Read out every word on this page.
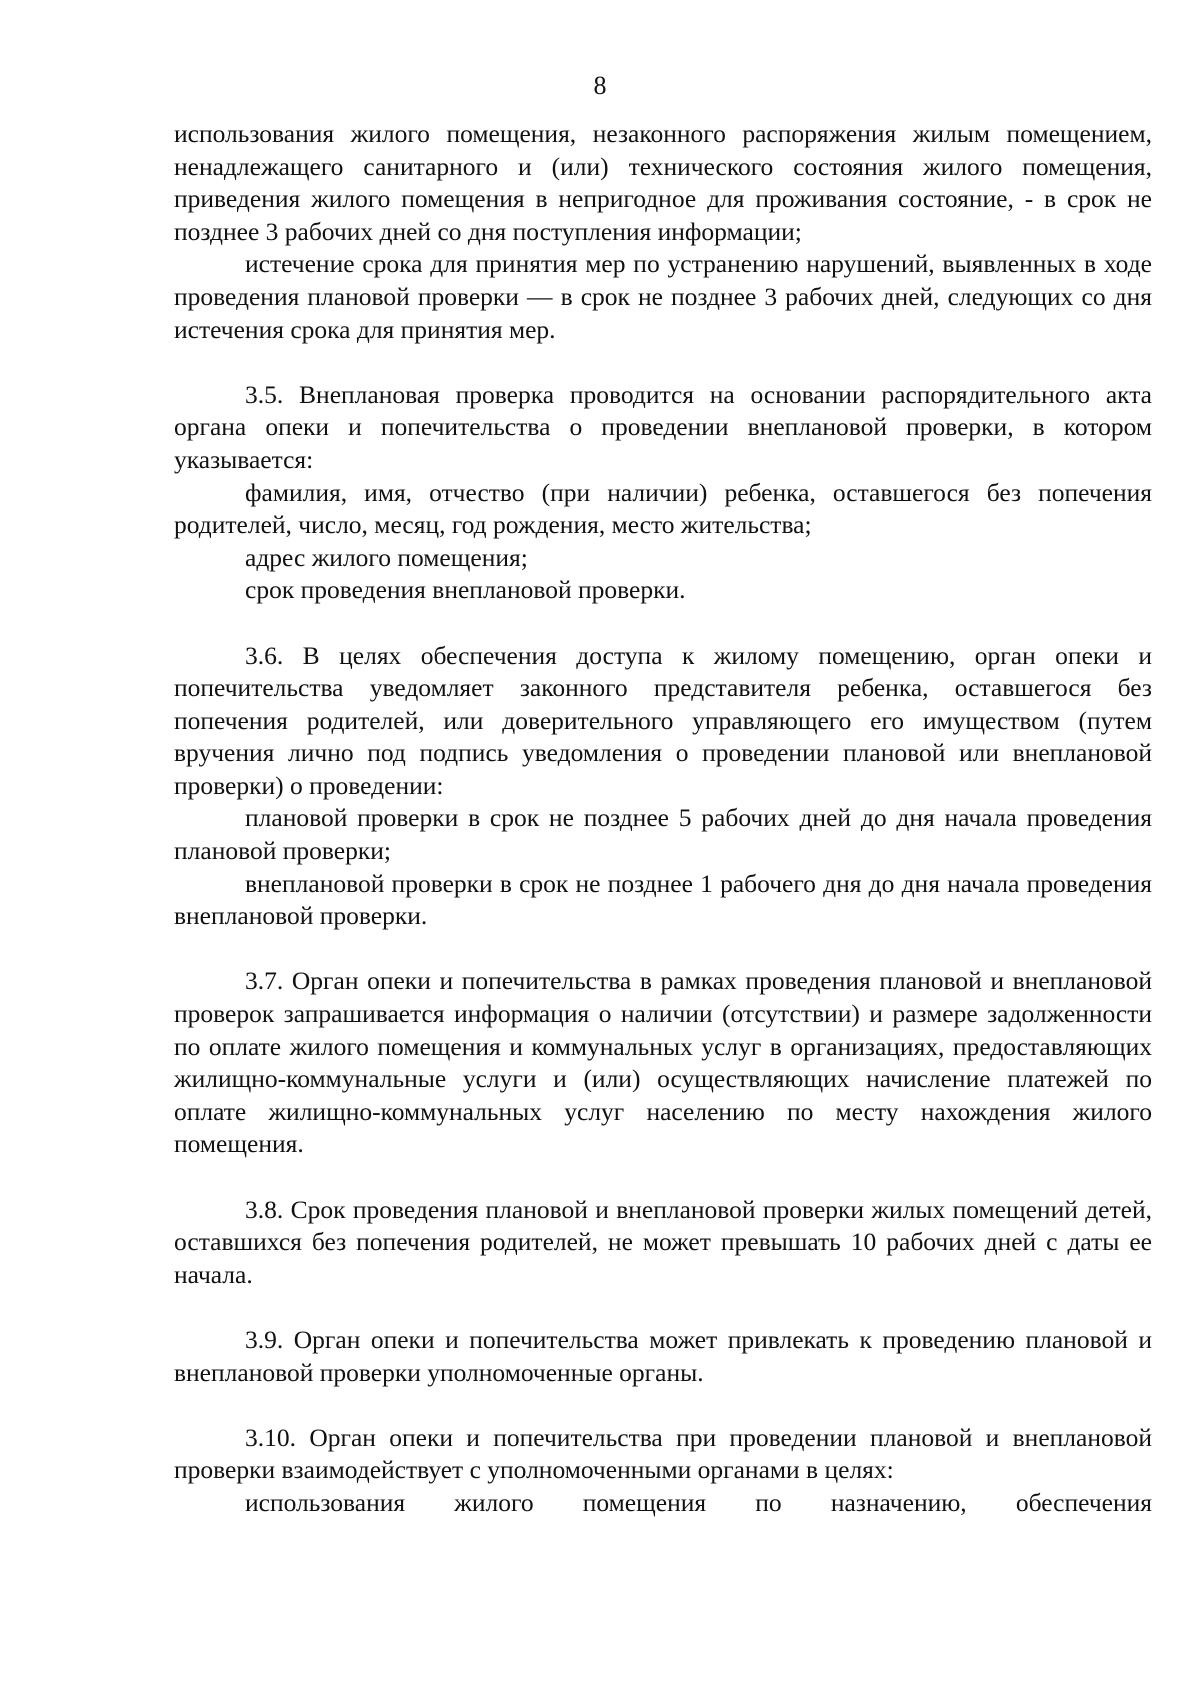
8

использования жилого помещения, незаконного распоряжения жилым помещением, ненадлежащего санитарного и (или) технического состояния жилого помещения, приведения жилого помещения в непригодное для проживания состояние, - в срок не позднее 3 рабочих дней со дня поступления информации;

истечение срока для принятия мер по устранению нарушений, выявленных в ходе проведения плановой проверки — в срок не позднее 3 рабочих дней, следующих со дня истечения срока для принятия мер.

3.5. Внеплановая проверка проводится на основании распорядительного акта органа опеки и попечительства о проведении внеплановой проверки, в котором указывается:

фамилия, имя, отчество (при наличии) ребенка, оставшегося без попечения родителей, число, месяц, год рождения, место жительства;

адрес жилого помещения;

срок проведения внеплановой проверки.

3.6. В целях обеспечения доступа к жилому помещению, орган опеки и попечительства уведомляет законного представителя ребенка, оставшегося без попечения родителей, или доверительного управляющего его имуществом (путем вручения лично под подпись уведомления о проведении плановой или внеплановой проверки) о проведении:

плановой проверки в срок не позднее 5 рабочих дней до дня начала проведения плановой проверки;

внеплановой проверки в срок не позднее 1 рабочего дня до дня начала проведения внеплановой проверки.

3.7. Орган опеки и попечительства в рамках проведения плановой и внеплановой проверок запрашивается информация о наличии (отсутствии) и размере задолженности по оплате жилого помещения и коммунальных услуг в организациях, предоставляющих жилищно-коммунальные услуги и (или) осуществляющих начисление платежей по оплате жилищно-коммунальных услуг населению по месту нахождения жилого помещения.

3.8. Срок проведения плановой и внеплановой проверки жилых помещений детей, оставшихся без попечения родителей, не может превышать 10 рабочих дней с даты ее начала.

3.9. Орган опеки и попечительства может привлекать к проведению плановой и внеплановой проверки уполномоченные органы.

3.10. Орган опеки и попечительства при проведении плановой и внеплановой проверки взаимодействует с уполномоченными органами в целях:

использования жилого помещения по назначению, обеспечения
